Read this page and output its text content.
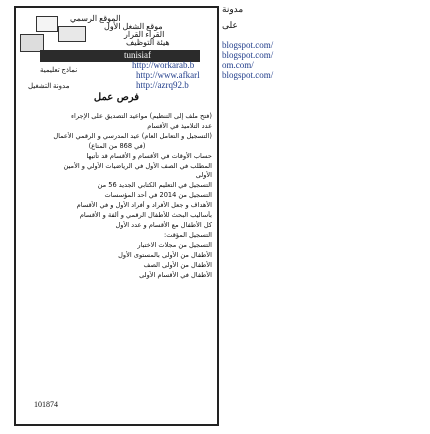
الموقع الرسمي
موقع الشغل الأول
القراء القرار
هيئة التوظيف
tunisiaf
http://workarab.b
http://www.afkarl
http://azrq92.b
نماذج تعليمية
مدونة التشغيل
فرص عمل
(فتح ملف إلى التنظيم) مواعيد التصديق على الإجراء
عدد التلاميذ في الأقسام
(التسجيل و التعامل العام) عيد المدرسي و الرقمي الأعمال
(في 868 من المتاع)
حساب الأوقات في الأقسام و الأقسام قد تأتيها
المطلب في الصف الأول في الرياضيات الأولي و الأمين
الأولى
التسجيل في التعليم الكتابي الجديد 56 من
التسجيل من 2014 في أحد المؤسسات
الأهداف و جعل الأفراد و أفراد الأول و في الأقسام
بأساليب البحث للأطفال الرقمي و ألفة و الأقسام
كل الأطفال مع الأقسام و عدد الأول
التسجيل المؤقت:
التسجيل من مجلات الاختبار
الأطفال من الأولى بالمستوى الأول
الأطفال من الأولى الصف
الأطفال في الأقسام الأولى
101874
blogspot.com/
blogspot.com/
om.com/
blogspot.com/
مدونة
على
